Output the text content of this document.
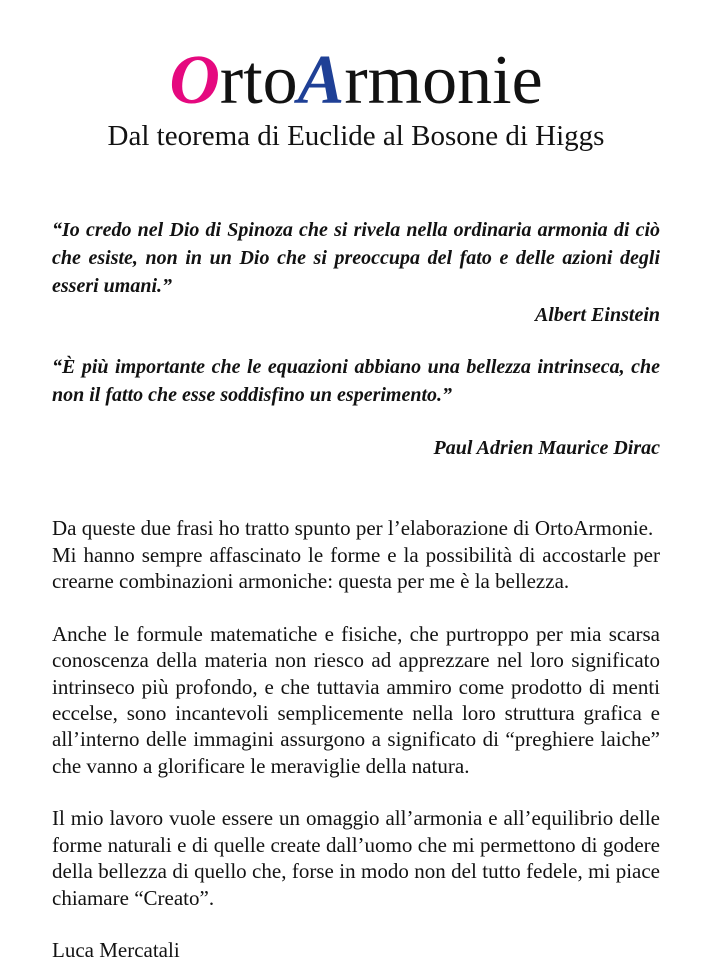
OrtoArmonie
Dal teorema di Euclide al Bosone di Higgs

“Io credo nel Dio di Spinoza che si rivela nella ordinaria armonia di ciò che esiste, non in un Dio che si preoccupa del fato e delle azioni degli esseri umani.”

Albert Einstein

“È più importante che le equazioni abbiano una bellezza intrinseca, che non il fatto che esse soddisfino un esperimento.”

Paul Adrien Maurice Dirac

Da queste due frasi ho tratto spunto per l’elaborazione di OrtoArmonie.
Mi hanno sempre affascinato le forme e la possibilità di accostarle per crearne combinazioni armoniche: questa per me è la bellezza.

Anche le formule matematiche e fisiche, che purtroppo per mia scarsa conoscenza della materia non riesco ad apprezzare nel loro significato intrinseco più profondo, e che tuttavia ammiro come prodotto di menti eccelse, sono incantevoli semplicemente nella loro struttura grafica e all’interno delle immagini assurgono a significato di “preghiere laiche” che vanno a glorificare le meraviglie della natura.

Il mio lavoro vuole essere un omaggio all’armonia e all’equilibrio delle forme naturali e di quelle create dall’uomo che mi permettono di godere della bellezza di quello che, forse in modo non del tutto fedele, mi piace chiamare “Creato”.

Luca Mercatali
